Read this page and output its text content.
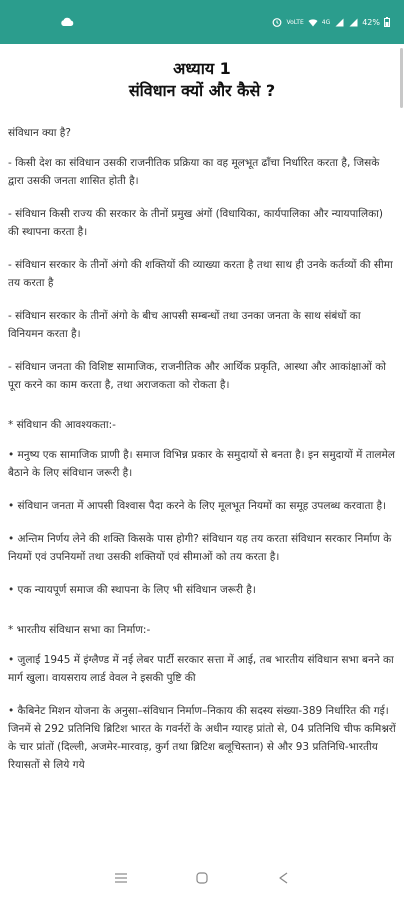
VoLTE	4G	42%
अध्याय 1
संविधान क्यों और कैसे ?
संविधान क्या है?

- किसी देश का संविधान उसकी राजनीतिक प्रक्रिया का वह मूलभूत ढाँचा निर्धारित करता है, जिसके द्वारा उसकी जनता शासित होती है।

- संविधान किसी राज्य की सरकार के तीनों प्रमुख अंगों (विधायिका, कार्यपालिका और न्यायपालिका) की स्थापना करता है।

- संविधान सरकार के तीनों अंगो की शक्तियों की व्याख्या करता है तथा साथ ही उनके कर्तव्यों की सीमा तय करता है

- संविधान सरकार के तीनों अंगो के बीच आपसी सम्बन्धों तथा उनका जनता के साथ संबंधों का विनियमन करता है।

- संविधान जनता की विशिष्ट सामाजिक, राजनीतिक और आर्थिक प्रकृति, आस्था और आकांक्षाओं को पूरा करने का काम करता है, तथा अराजकता को रोकता है।

* संविधान की आवश्यकता:-

• मनुष्य एक सामाजिक प्राणी है। समाज विभिन्न प्रकार के समुदायों से बनता है। इन समुदायों में तालमेल बैठाने के लिए संविधान जरूरी है।

• संविधान जनता में आपसी विश्वास पैदा करने के लिए मूलभूत नियमों का समूह उपलब्ध करवाता है।

• अन्तिम निर्णय लेने की शक्ति किसके पास होगी? संविधान यह तय करता संविधान सरकार निर्माण के नियमों एवं उपनियमों तथा उसकी शक्तियों एवं सीमाओं को तय करता है।

• एक न्यायपूर्ण समाज की स्थापना के लिए भी संविधान जरूरी है।

* भारतीय संविधान सभा का निर्माण:-

• जुलाई 1945 में इंग्लैण्ड में नई लेबर पार्टी सरकार सत्ता में आई, तब भारतीय संविधान सभा बनने का मार्ग खुला। वायसराय लार्ड वेवल ने इसकी पुष्टि की

• कैबिनेट मिशन योजना के अनुसा–संविधान निर्माण–निकाय की सदस्य संख्या-389 निर्धारित की गई। जिनमें से 292 प्रतिनिधि ब्रिटिश भारत के गवर्नरों के अधीन ग्यारह प्रांतो से, 04 प्रतिनिधि चीफ कमिश्नरों के चार प्रांतों (दिल्ली, अजमेर-मारवाड़, कुर्ग तथा ब्रिटिश बलूचिस्तान) से और 93 प्रतिनिधि-भारतीय रियासतों से लिये गये
